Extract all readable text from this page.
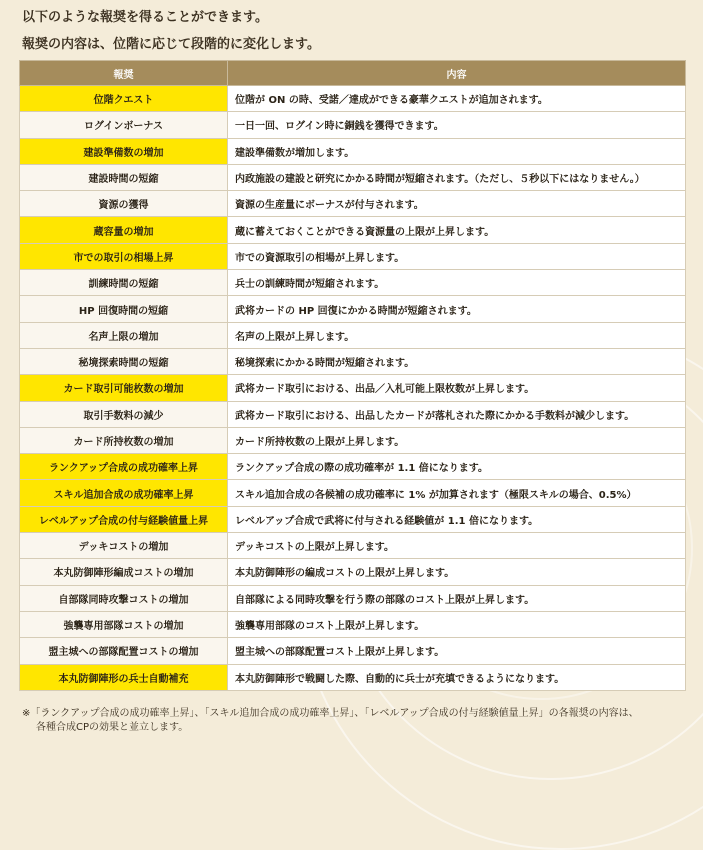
以下のような報奨を得ることができます。
報奨の内容は、位階に応じて段階的に変化します。
報奨	内容
位階クエスト	位階が ON の時、受諾／達成ができる豪華クエストが追加されます。
ログインボーナス	一日一回、ログイン時に銅銭を獲得できます。
建設準備数の増加	建設準備数が増加します。
建設時間の短縮	内政施設の建設と研究にかかる時間が短縮されます。（ただし、５秒以下にはなりません。）
資源の獲得	資源の生産量にボーナスが付与されます。
蔵容量の増加	蔵に蓄えておくことができる資源量の上限が上昇します。
市での取引の相場上昇	市での資源取引の相場が上昇します。
訓練時間の短縮	兵士の訓練時間が短縮されます。
HP 回復時間の短縮	武将カードの HP 回復にかかる時間が短縮されます。
名声上限の増加	名声の上限が上昇します。
秘境探索時間の短縮	秘境探索にかかる時間が短縮されます。
カード取引可能枚数の増加	武将カード取引における、出品／入札可能上限枚数が上昇します。
取引手数料の減少	武将カード取引における、出品したカードが落札された際にかかる手数料が減少します。
カード所持枚数の増加	カード所持枚数の上限が上昇します。
ランクアップ合成の成功確率上昇	ランクアップ合成の際の成功確率が 1.1 倍になります。
スキル追加合成の成功確率上昇	スキル追加合成の各候補の成功確率に 1% が加算されます（極限スキルの場合、0.5%）
レベルアップ合成の付与経験値量上昇	レベルアップ合成で武将に付与される経験値が 1.1 倍になります。
デッキコストの増加	デッキコストの上限が上昇します。
本丸防御陣形編成コストの増加	本丸防御陣形の編成コストの上限が上昇します。
自部隊同時攻撃コストの増加	自部隊による同時攻撃を行う際の部隊のコスト上限が上昇します。
強襲専用部隊コストの増加	強襲専用部隊のコスト上限が上昇します。
盟主城への部隊配置コストの増加	盟主城への部隊配置コスト上限が上昇します。
本丸防御陣形の兵士自動補充	本丸防御陣形で戦闘した際、自動的に兵士が充填できるようになります。
※「ランクアップ合成の成功確率上昇」、「スキル追加合成の成功確率上昇」、「レベルアップ合成の付与経験値量上昇」の各報奨の内容は、
各種合成CPの効果と並立します。
